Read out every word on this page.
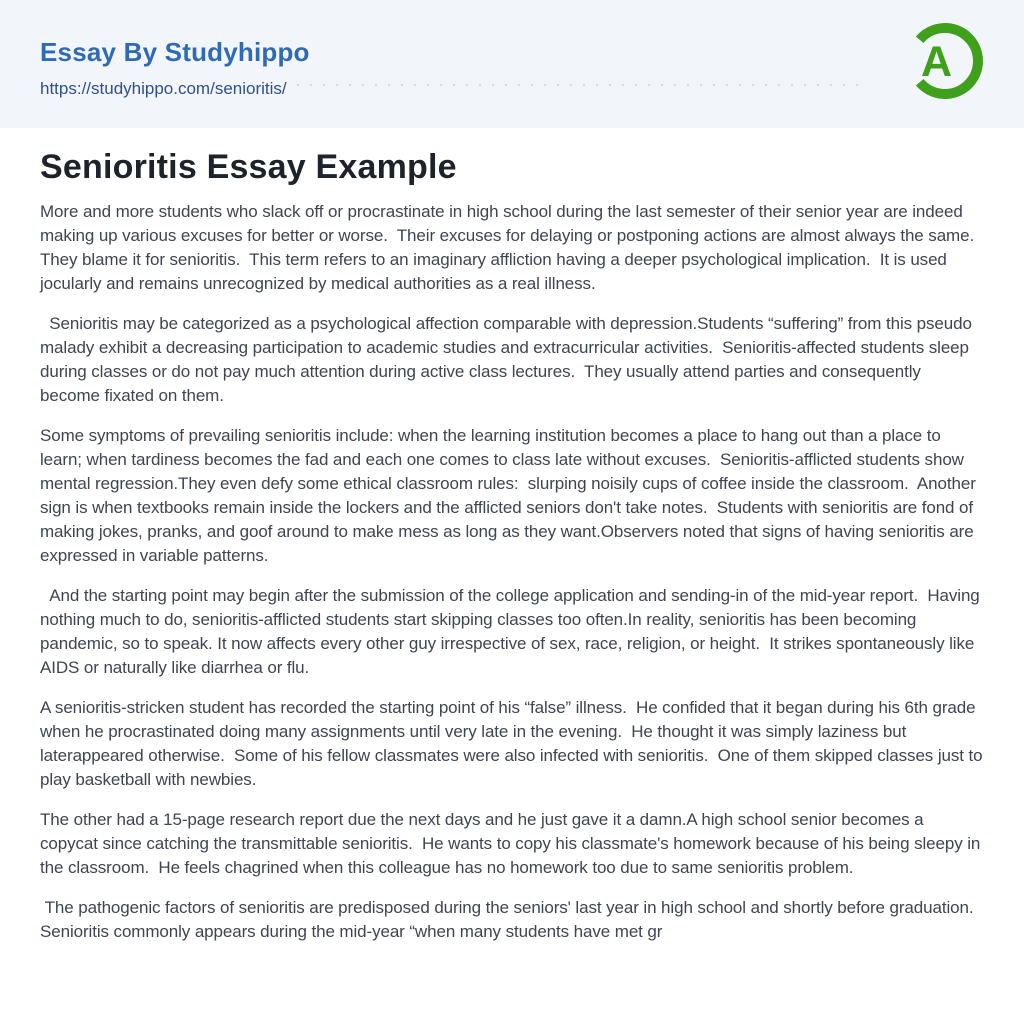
Essay By Studyhippo
https://studyhippo.com/senioritis/
A
Senioritis Essay Example

More and more students who slack off or procrastinate in high school during the last semester of their senior year are indeed making up various excuses for better or worse.  Their excuses for delaying or postponing actions are almost always the same. They blame it for senioritis.  This term refers to an imaginary affliction having a deeper psychological implication.  It is used jocularly and remains unrecognized by medical authorities as a real illness.

Senioritis may be categorized as a psychological affection comparable with depression.Students “suffering” from this pseudo malady exhibit a decreasing participation to academic studies and extracurricular activities.  Senioritis-affected students sleep during classes or do not pay much attention during active class lectures.  They usually attend parties and consequently become fixated on them.

Some symptoms of prevailing senioritis include: when the learning institution becomes a place to hang out than a place to learn; when tardiness becomes the fad and each one comes to class late without excuses.  Senioritis-afflicted students show mental regression.They even defy some ethical classroom rules:  slurping noisily cups of coffee inside the classroom.  Another sign is when textbooks remain inside the lockers and the afflicted seniors don't take notes.  Students with senioritis are fond of making jokes, pranks, and goof around to make mess as long as they want.Observers noted that signs of having senioritis are expressed in variable patterns.

And the starting point may begin after the submission of the college application and sending-in of the mid-year report.  Having nothing much to do, senioritis-afflicted students start skipping classes too often.In reality, senioritis has been becoming pandemic, so to speak. It now affects every other guy irrespective of sex, race, religion, or height.  It strikes spontaneously like AIDS or naturally like diarrhea or flu.

A senioritis-stricken student has recorded the starting point of his “false” illness.  He confided that it began during his 6th grade when he procrastinated doing many assignments until very late in the evening.  He thought it was simply laziness but laterappeared otherwise.  Some of his fellow classmates were also infected with senioritis.  One of them skipped classes just to play basketball with newbies.

The other had a 15-page research report due the next days and he just gave it a damn.A high school senior becomes a copycat since catching the transmittable senioritis.  He wants to copy his classmate's homework because of his being sleepy in the classroom.  He feels chagrined when this colleague has no homework too due to same senioritis problem.

The pathogenic factors of senioritis are predisposed during the seniors' last year in high school and shortly before graduation. Senioritis commonly appears during the mid-year “when many students have met gr
